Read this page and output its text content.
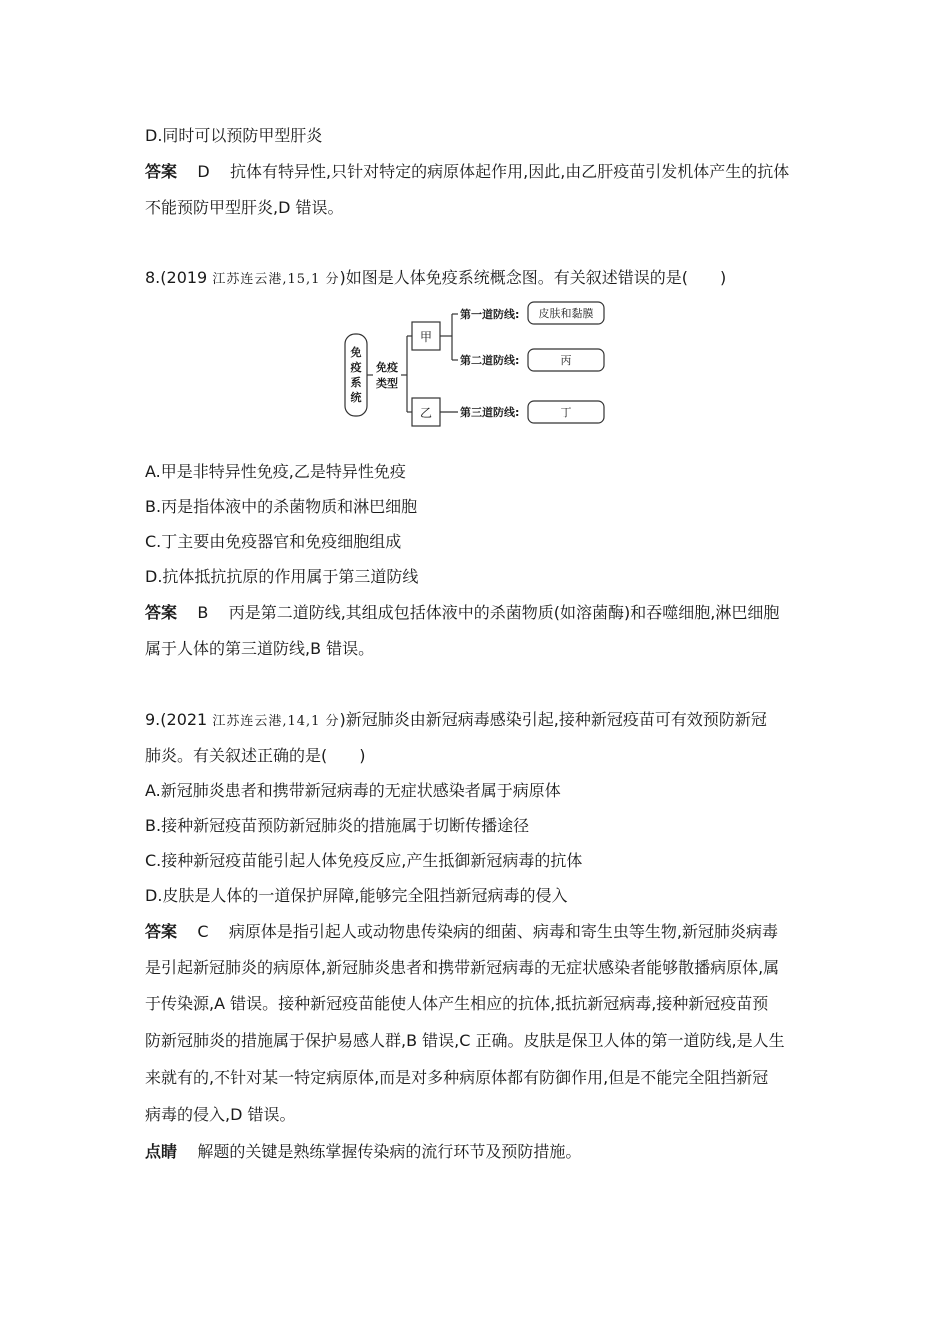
D.同时可以预防甲型肝炎
答案 D 抗体有特异性,只针对特定的病原体起作用,因此,由乙肝疫苗引发机体产生的抗体
不能预防甲型肝炎,D 错误。
8.(2019 江苏连云港,15,1 分)如图是人体免疫系统概念图。有关叙述错误的是(　　)
免
疫
系
统
免疫
类型
甲
乙
第一道防线:
第二道防线:
第三道防线:
皮肤和黏膜
丙
丁
A.甲是非特异性免疫,乙是特异性免疫
B.丙是指体液中的杀菌物质和淋巴细胞
C.丁主要由免疫器官和免疫细胞组成
D.抗体抵抗抗原的作用属于第三道防线
答案 B 丙是第二道防线,其组成包括体液中的杀菌物质(如溶菌酶)和吞噬细胞,淋巴细胞
属于人体的第三道防线,B 错误。
9.(2021 江苏连云港,14,1 分)新冠肺炎由新冠病毒感染引起,接种新冠疫苗可有效预防新冠
肺炎。有关叙述正确的是(　　)
A.新冠肺炎患者和携带新冠病毒的无症状感染者属于病原体
B.接种新冠疫苗预防新冠肺炎的措施属于切断传播途径
C.接种新冠疫苗能引起人体免疫反应,产生抵御新冠病毒的抗体
D.皮肤是人体的一道保护屏障,能够完全阻挡新冠病毒的侵入
答案 C 病原体是指引起人或动物患传染病的细菌、病毒和寄生虫等生物,新冠肺炎病毒
是引起新冠肺炎的病原体,新冠肺炎患者和携带新冠病毒的无症状感染者能够散播病原体,属
于传染源,A 错误。接种新冠疫苗能使人体产生相应的抗体,抵抗新冠病毒,接种新冠疫苗预
防新冠肺炎的措施属于保护易感人群,B 错误,C 正确。皮肤是保卫人体的第一道防线,是人生
来就有的,不针对某一特定病原体,而是对多种病原体都有防御作用,但是不能完全阻挡新冠
病毒的侵入,D 错误。
点睛 解题的关键是熟练掌握传染病的流行环节及预防措施。
